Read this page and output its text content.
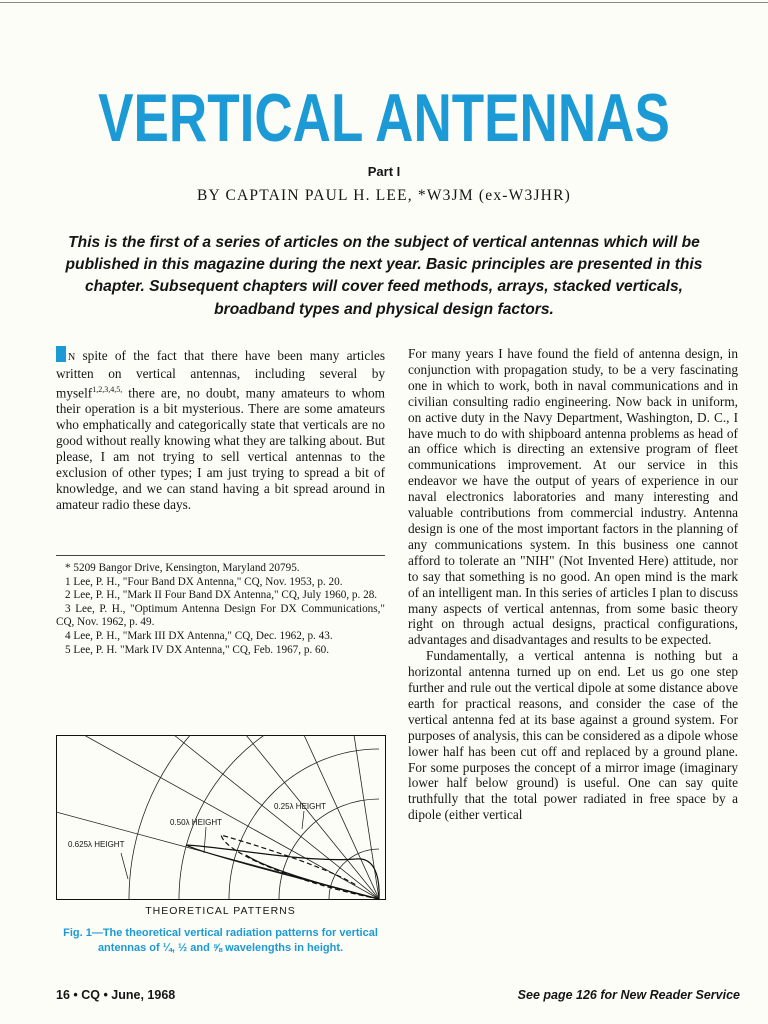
VERTICAL ANTENNAS
Part I
BY CAPTAIN PAUL H. LEE, *W3JM (ex-W3JHR)
This is the first of a series of articles on the subject of vertical antennas which will be published in this magazine during the next year. Basic principles are presented in this chapter. Subsequent chapters will cover feed methods, arrays, stacked verticals, broadband types and physical design factors.

N spite of the fact that there have been many articles written on vertical antennas, including several by myself$^{1,2,3,4,5,}$ there are, no doubt, many amateurs to whom their operation is a bit mysterious. There are some amateurs who emphatically and categorically state that verticals are no good without really knowing what they are talking about. But please, I am not trying to sell vertical antennas to the exclusion of other types; I am just trying to spread a bit of knowledge, and we can stand having a bit spread around in amateur radio these days.

* 5209 Bangor Drive, Kensington, Maryland 20795.
1 Lee, P. H., "Four Band DX Antenna," CQ, Nov. 1953, p. 20.
2 Lee, P. H., "Mark II Four Band DX Antenna," CQ, July 1960, p. 28.
3 Lee, P. H., "Optimum Antenna Design For DX Communications," CQ, Nov. 1962, p. 49.
4 Lee, P. H., "Mark III DX Antenna," CQ, Dec. 1962, p. 43.
5 Lee, P. H. "Mark IV DX Antenna," CQ, Feb. 1967, p. 60.
0.25λ HEIGHT
0.50λ HEIGHT
0.625λ HEIGHT
THEORETICAL PATTERNS
Fig. 1—The theoretical vertical radiation patterns for vertical antennas of ¼, ½ and ⅝ wavelengths in height.

For many years I have found the field of antenna design, in conjunction with propagation study, to be a very fascinating one in which to work, both in naval communications and in civilian consulting radio engineering. Now back in uniform, on active duty in the Navy Department, Washington, D. C., I have much to do with shipboard antenna problems as head of an office which is directing an extensive program of fleet communications improvement. At our service in this endeavor we have the output of years of experience in our naval electronics laboratories and many interesting and valuable contributions from commercial industry. Antenna design is one of the most important factors in the planning of any communications system. In this business one cannot afford to tolerate an "NIH" (Not Invented Here) attitude, nor to say that something is no good. An open mind is the mark of an intelligent man. In this series of articles I plan to discuss many aspects of vertical antennas, from some basic theory right on through actual designs, practical configurations, advantages and disadvantages and results to be expected.

Fundamentally, a vertical antenna is nothing but a horizontal antenna turned up on end. Let us go one step further and rule out the vertical dipole at some distance above earth for practical reasons, and consider the case of the vertical antenna fed at its base against a ground system. For purposes of analysis, this can be considered as a dipole whose lower half has been cut off and replaced by a ground plane. For some purposes the concept of a mirror image (imaginary lower half below ground) is useful. One can say quite truthfully that the total power radiated in free space by a dipole (either vertical

16 • CQ • June, 1968	See page 126 for New Reader Service
